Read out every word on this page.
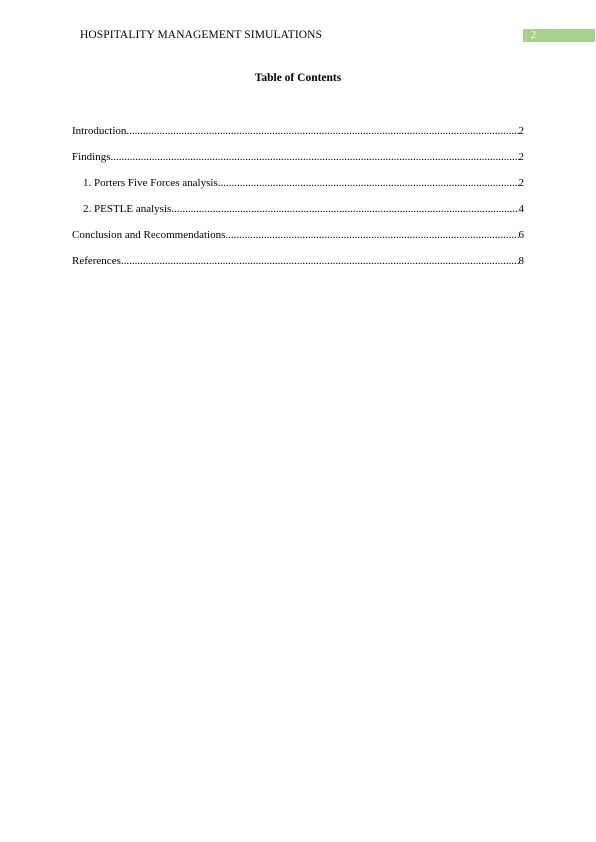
HOSPITALITY MANAGEMENT SIMULATIONS	2
Table of Contents
Introduction .....	2
Findings .....	2
1. Porters Five Forces analysis .....	2
2. PESTLE analysis .....	4
Conclusion and Recommendations .....	6
References .....	8
